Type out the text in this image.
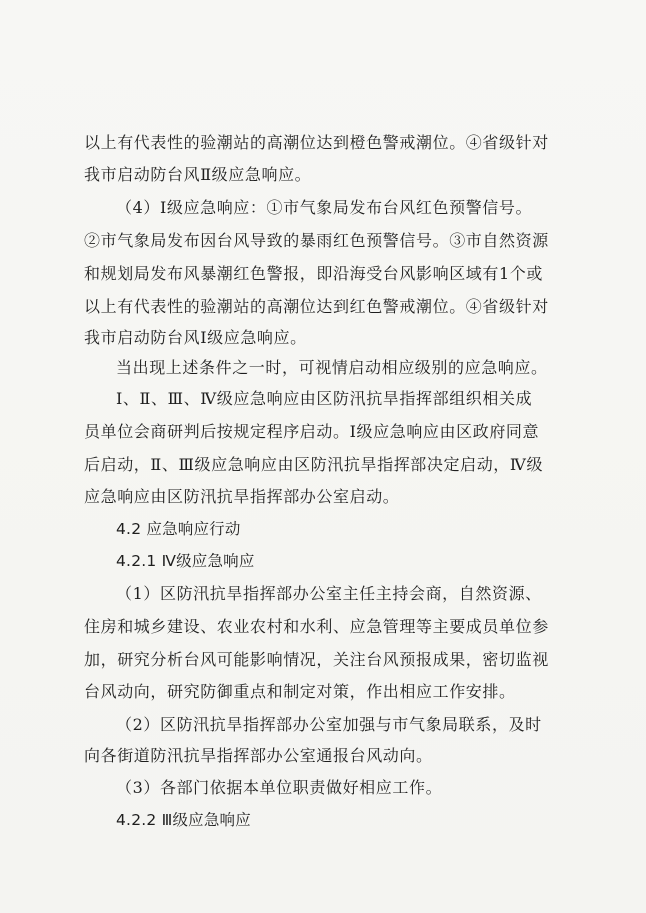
以上有代表性的验潮站的高潮位达到橙色警戒潮位。④省级针对
我市启动防台风Ⅱ级应急响应。
（4）Ⅰ级应急响应：①市气象局发布台风红色预警信号。
②市气象局发布因台风导致的暴雨红色预警信号。③市自然资源
和规划局发布风暴潮红色警报，即沿海受台风影响区域有1个或
以上有代表性的验潮站的高潮位达到红色警戒潮位。④省级针对
我市启动防台风Ⅰ级应急响应。
当出现上述条件之一时，可视情启动相应级别的应急响应。
Ⅰ、Ⅱ、Ⅲ、Ⅳ级应急响应由区防汛抗旱指挥部组织相关成
员单位会商研判后按规定程序启动。Ⅰ级应急响应由区政府同意
后启动，Ⅱ、Ⅲ级应急响应由区防汛抗旱指挥部决定启动，Ⅳ级
应急响应由区防汛抗旱指挥部办公室启动。
4.2 应急响应行动
4.2.1 Ⅳ级应急响应
（1）区防汛抗旱指挥部办公室主任主持会商，自然资源、
住房和城乡建设、农业农村和水利、应急管理等主要成员单位参
加，研究分析台风可能影响情况，关注台风预报成果，密切监视
台风动向，研究防御重点和制定对策，作出相应工作安排。
（2）区防汛抗旱指挥部办公室加强与市气象局联系，及时
向各街道防汛抗旱指挥部办公室通报台风动向。
（3）各部门依据本单位职责做好相应工作。
4.2.2 Ⅲ级应急响应
